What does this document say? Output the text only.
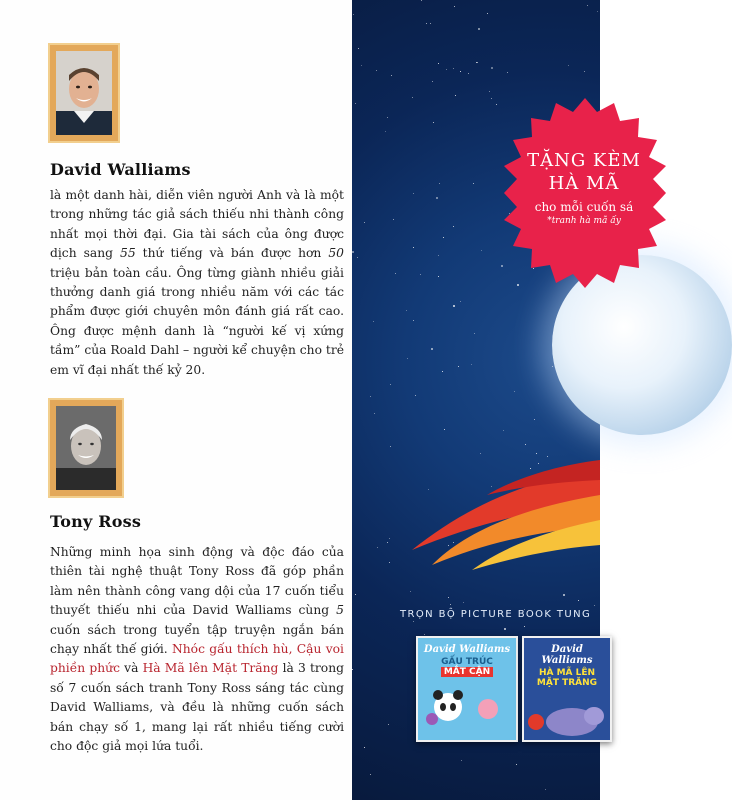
David Walliams
là một danh hài, diễn viên người Anh và là một trong những tác giả sách thiếu nhi thành công nhất mọi thời đại. Gia tài sách của ông được dịch sang 55 thứ tiếng và bán được hơn 50 triệu bản toàn cầu. Ông từng giành nhiều giải thưởng danh giá trong nhiều năm với các tác phẩm được giới chuyên môn đánh giá rất cao. Ông được mệnh danh là “người kế vị xứng tầm” của Roald Dahl – người kể chuyện cho trẻ em vĩ đại nhất thế kỷ 20.
Tony Ross
Những minh họa sinh động và độc đáo của thiên tài nghệ thuật Tony Ross đã góp phần làm nên thành công vang dội của 17 cuốn tiểu thuyết thiếu nhi của David Walliams cùng 5 cuốn sách trong tuyển tập truyện ngắn bán chạy nhất thế giới. Nhóc gấu thích hù, Cậu voi phiền phức và Hà Mã lên Mặt Trăng là 3 trong số 7 cuốn sách tranh Tony Ross sáng tác cùng David Walliams, và đều là những cuốn sách bán chạy số 1, mang lại rất nhiều tiếng cười cho độc giả mọi lứa tuổi.
TẶNG KÈM
HÀ MÃ
cho mỗi cuốn sá
*tranh hà mã ấy
TRỌN BỘ PICTURE BOOK TUNG
David Walliams
GẤU TRÚC
MẮT CẬN
David Walliams
HÀ MÃ LÊN
MẶT TRĂNG
